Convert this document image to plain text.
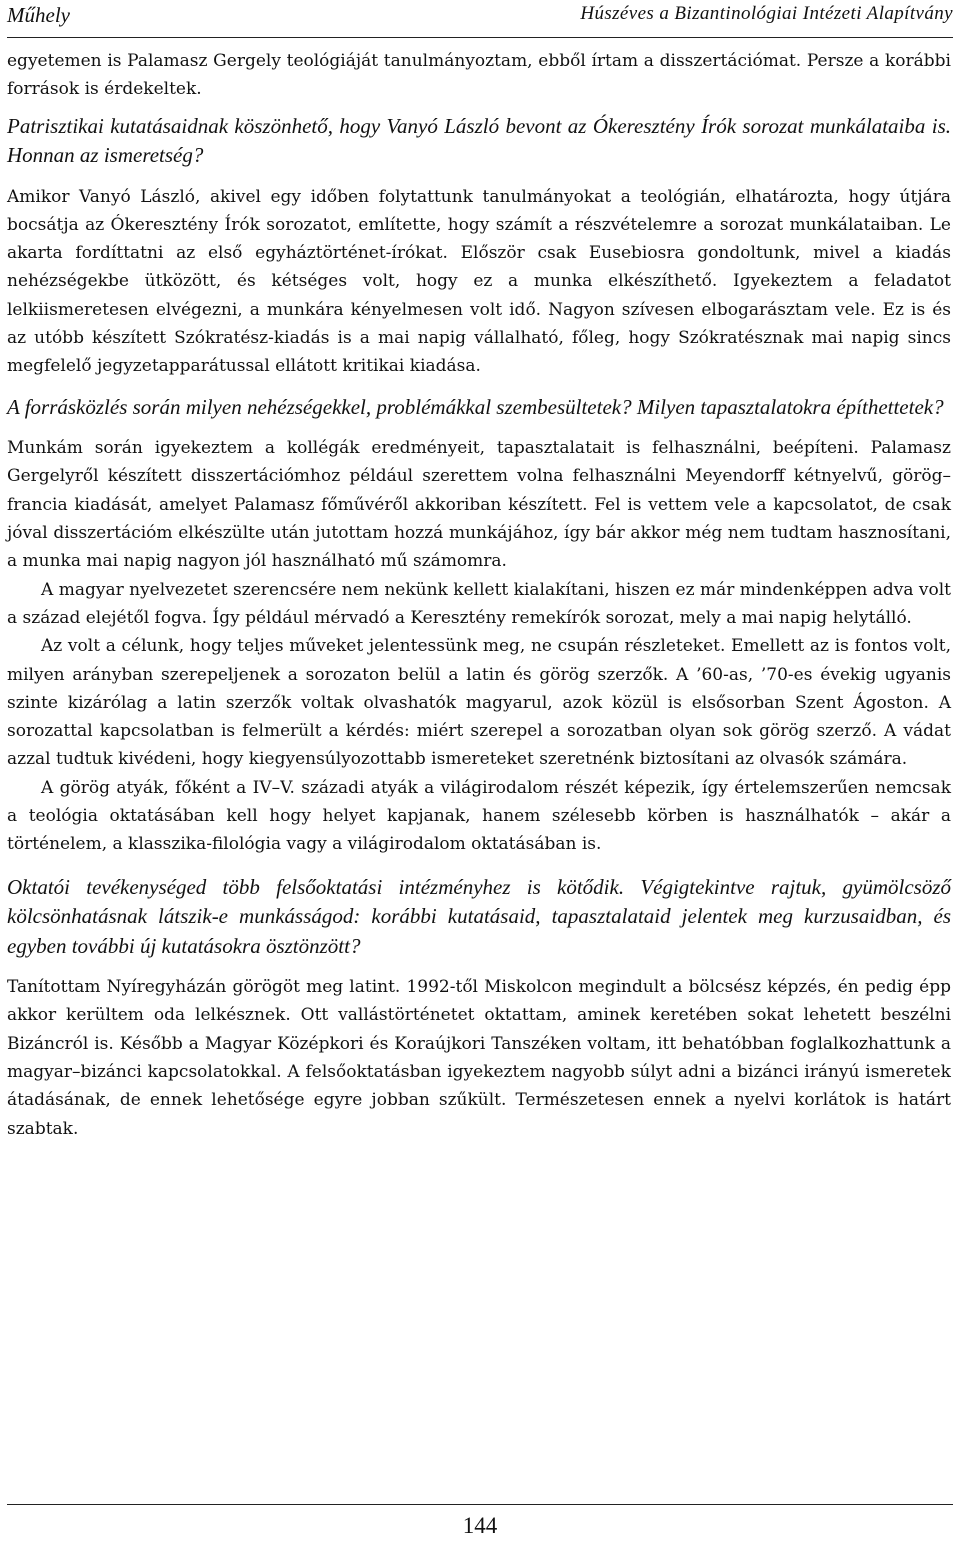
Műhely	Húszéves a Bizantinológiai Intézeti Alapítvány

egyetemen is Palamasz Gergely teológiáját tanulmányoztam, ebből írtam a disszertációmat. Persze a korábbi források is érdekeltek.

Patrisztikai kutatásaidnak köszönhető, hogy Vanyó László bevont az Ókeresztény Írók sorozat munkálataiba is. Honnan az ismeretség?

Amikor Vanyó László, akivel egy időben folytattunk tanulmányokat a teológián, elhatározta, hogy útjára bocsátja az Ókeresztény Írók sorozatot, említette, hogy számít a részvételemre a sorozat munkálataiban. Le akarta fordíttatni az első egyháztörténet-írókat. Először csak Eusebiosra gondoltunk, mivel a kiadás nehézségekbe ütközött, és kétséges volt, hogy ez a munka elkészíthető. Igyekeztem a feladatot lelkiismeretesen elvégezni, a munkára kényelmesen volt idő. Nagyon szívesen elbogarásztam vele. Ez is és az utóbb készített Szókratész-kiadás is a mai napig vállalható, főleg, hogy Szókratésznak mai napig sincs megfelelő jegyzetapparátussal ellátott kritikai kiadása.

A forrásközlés során milyen nehézségekkel, problémákkal szembesültetek? Milyen tapasztalatokra építhettetek?

Munkám során igyekeztem a kollégák eredményeit, tapasztalatait is felhasználni, beépíteni. Palamasz Gergelyről készített disszertációmhoz például szerettem volna felhasználni Meyendorff kétnyelvű, görög–francia kiadását, amelyet Palamasz főművéről akkoriban készített. Fel is vettem vele a kapcsolatot, de csak jóval disszertációm elkészülte után jutottam hozzá munkájához, így bár akkor még nem tudtam hasznosítani, a munka mai napig nagyon jól használható mű számomra.

A magyar nyelvezetet szerencsére nem nekünk kellett kialakítani, hiszen ez már mindenképpen adva volt a század elejétől fogva. Így például mérvadó a Keresztény remekírók sorozat, mely a mai napig helytálló.

Az volt a célunk, hogy teljes műveket jelentessünk meg, ne csupán részleteket. Emellett az is fontos volt, milyen arányban szerepeljenek a sorozaton belül a latin és görög szerzők. A ’60-as, ’70-es évekig ugyanis szinte kizárólag a latin szerzők voltak olvashatók magyarul, azok közül is elsősorban Szent Ágoston. A sorozattal kapcsolatban is felmerült a kérdés: miért szerepel a sorozatban olyan sok görög szerző. A vádat azzal tudtuk kivédeni, hogy kiegyensúlyozottabb ismereteket szeretnénk biztosítani az olvasók számára.

A görög atyák, főként a IV–V. századi atyák a világirodalom részét képezik, így értelemszerűen nemcsak a teológia oktatásában kell hogy helyet kapjanak, hanem szélesebb körben is használhatók – akár a történelem, a klasszika-filológia vagy a világirodalom oktatásában is.

Oktatói tevékenységed több felsőoktatási intézményhez is kötődik. Végigtekintve rajtuk, gyümölcsöző kölcsönhatásnak látszik-e munkásságod: korábbi kutatásaid, tapasztalataid jelentek meg kurzusaidban, és egyben további új kutatásokra ösztönzött?

Tanítottam Nyíregyházán görögöt meg latint. 1992-től Miskolcon megindult a bölcsész képzés, én pedig épp akkor kerültem oda lelkésznek. Ott vallástörténetet oktattam, aminek keretében sokat lehetett beszélni Bizáncról is. Később a Magyar Középkori és Koraújkori Tanszéken voltam, itt behatóbban foglalkozhattunk a magyar–bizánci kapcsolatokkal. A felsőoktatásban igyekeztem nagyobb súlyt adni a bizánci irányú ismeretek átadásának, de ennek lehetősége egyre jobban szűkült. Természetesen ennek a nyelvi korlátok is határt szabtak.

144
